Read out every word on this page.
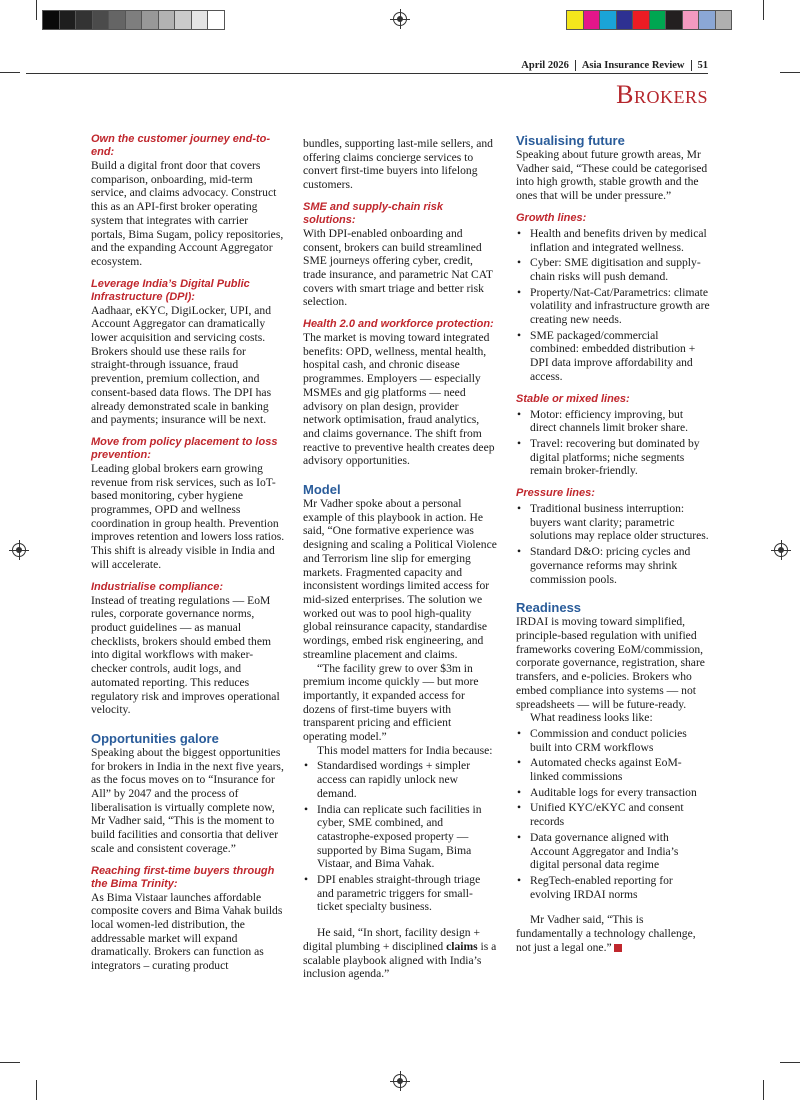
April 2026 Asia Insurance Review 51
Brokers

Own the customer journey end-to-end:

Build a digital front door that covers comparison, onboarding, mid-term service, and claims advocacy. Construct this as an API-first broker operating system that integrates with carrier portals, Bima Sugam, policy repositories, and the expanding Account Aggregator ecosystem.

Leverage India’s Digital Public Infrastructure (DPI):

Aadhaar, eKYC, DigiLocker, UPI, and Account Aggregator can dramatically lower acquisition and servicing costs. Brokers should use these rails for straight-through issuance, fraud prevention, premium collection, and consent-based data flows. The DPI has already demonstrated scale in banking and payments; insurance will be next.

Move from policy placement to loss prevention:

Leading global brokers earn growing revenue from risk services, such as IoT-based monitoring, cyber hygiene programmes, OPD and wellness coordination in group health. Prevention improves retention and lowers loss ratios. This shift is already visible in India and will accelerate.

Industrialise compliance:

Instead of treating regulations — EoM rules, corporate governance norms, product guidelines — as manual checklists, brokers should embed them into digital workflows with maker-checker controls, audit logs, and automated reporting. This reduces regulatory risk and improves operational velocity.

Opportunities galore

Speaking about the biggest opportunities for brokers in India in the next five years, as the focus moves on to “Insurance for All” by 2047 and the process of liberalisation is virtually complete now, Mr Vadher said, “This is the moment to build facilities and consortia that deliver scale and consistent coverage.”

Reaching first-time buyers through the Bima Trinity:

As Bima Vistaar launches affordable composite covers and Bima Vahak builds local women-led distribution, the addressable market will expand dramatically. Brokers can function as integrators – curating product

bundles, supporting last-mile sellers, and offering claims concierge services to convert first-time buyers into lifelong customers.

SME and supply-chain risk solutions:

With DPI-enabled onboarding and consent, brokers can build streamlined SME journeys offering cyber, credit, trade insurance, and parametric Nat CAT covers with smart triage and better risk selection.

Health 2.0 and workforce protection:

The market is moving toward integrated benefits: OPD, wellness, mental health, hospital cash, and chronic disease programmes. Employers — especially MSMEs and gig platforms — need advisory on plan design, provider network optimisation, fraud analytics, and claims governance. The shift from reactive to preventive health creates deep advisory opportunities.

Model

Mr Vadher spoke about a personal example of this playbook in action. He said, “One formative experience was designing and scaling a Political Violence and Terrorism line slip for emerging markets. Fragmented capacity and inconsistent wordings limited access for mid-sized enterprises. The solution we worked out was to pool high-quality global reinsurance capacity, standardise wordings, embed risk engineering, and streamline placement and claims.

“The facility grew to over $3m in premium income quickly — but more importantly, it expanded access for dozens of first-time buyers with transparent pricing and efficient operating model.”

This model matters for India because:

• Standardised wordings + simpler access can rapidly unlock new demand.
• India can replicate such facilities in cyber, SME combined, and catastrophe-exposed property — supported by Bima Sugam, Bima Vistaar, and Bima Vahak.
• DPI enables straight-through triage and parametric triggers for small-ticket specialty business.

He said, “In short, facility design + digital plumbing + disciplined claims is a scalable playbook aligned with India’s inclusion agenda.”

Visualising future

Speaking about future growth areas, Mr Vadher said, “These could be categorised into high growth, stable growth and the ones that will be under pressure.”

Growth lines:

• Health and benefits driven by medical inflation and integrated wellness.
• Cyber: SME digitisation and supply-chain risks will push demand.
• Property/Nat-Cat/Parametrics: climate volatility and infrastructure growth are creating new needs.
• SME packaged/commercial combined: embedded distribution + DPI data improve affordability and access.

Stable or mixed lines:

• Motor: efficiency improving, but direct channels limit broker share.
• Travel: recovering but dominated by digital platforms; niche segments remain broker-friendly.

Pressure lines:

• Traditional business interruption: buyers want clarity; parametric solutions may replace older structures.
• Standard D&O: pricing cycles and governance reforms may shrink commission pools.

Readiness

IRDAI is moving toward simplified, principle-based regulation with unified frameworks covering EoM/commission, corporate governance, registration, share transfers, and e-policies. Brokers who embed compliance into systems — not spreadsheets — will be future-ready.

What readiness looks like:

• Commission and conduct policies built into CRM workflows
• Automated checks against EoM-linked commissions
• Auditable logs for every transaction
• Unified KYC/eKYC and consent records
• Data governance aligned with Account Aggregator and India’s digital personal data regime
• RegTech-enabled reporting for evolving IRDAI norms

Mr Vadher said, “This is fundamentally a technology challenge, not just a legal one.”
